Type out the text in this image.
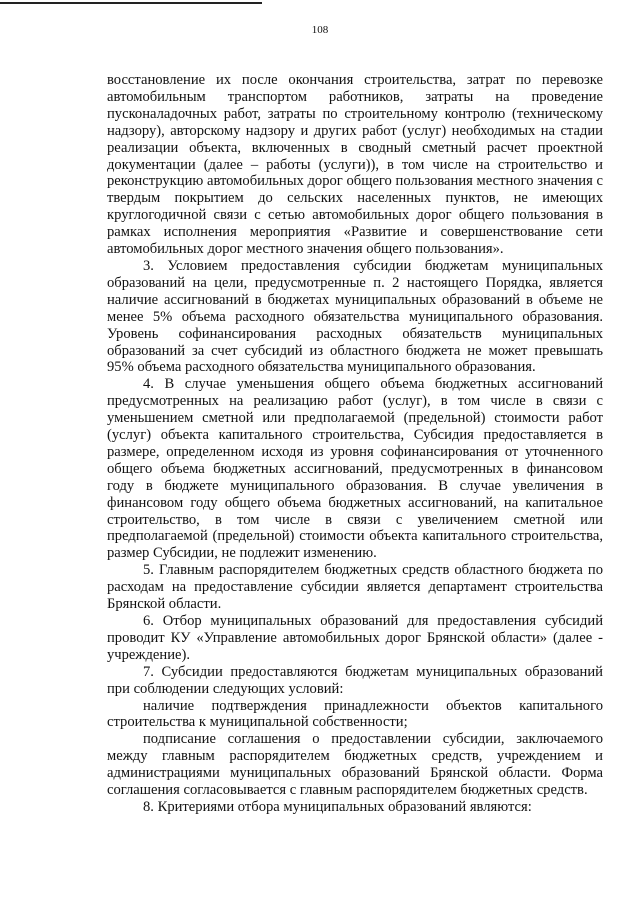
108

восстановление их после окончания строительства, затрат по перевозке автомобильным транспортом работников, затраты на проведение пусконаладочных работ, затраты по строительному контролю (техническому надзору), авторскому надзору и других работ (услуг) необходимых на стадии реализации объекта, включенных в сводный сметный расчет проектной документации (далее – работы (услуги)), в том числе на строительство и реконструкцию автомобильных дорог общего пользования местного значения с твердым покрытием до сельских населенных пунктов, не имеющих круглогодичной связи с сетью автомобильных дорог общего пользования в рамках исполнения мероприятия «Развитие и совершенствование сети автомобильных дорог местного значения общего пользования».

3. Условием предоставления субсидии бюджетам муниципальных образований на цели, предусмотренные п. 2 настоящего Порядка, является наличие ассигнований в бюджетах муниципальных образований в объеме не менее 5% объема расходного обязательства муниципального образования. Уровень софинансирования расходных обязательств муниципальных образований за счет субсидий из областного бюджета не может превышать 95% объема расходного обязательства муниципального образования.

4. В случае уменьшения общего объема бюджетных ассигнований предусмотренных на реализацию работ (услуг), в том числе в связи с уменьшением сметной или предполагаемой (предельной) стоимости работ (услуг) объекта капитального строительства, Субсидия предоставляется в размере, определенном исходя из уровня софинансирования от уточненного общего объема бюджетных ассигнований, предусмотренных в финансовом году в бюджете муниципального образования. В случае увеличения в финансовом году общего объема бюджетных ассигнований, на капитальное строительство, в том числе в связи с увеличением сметной или предполагаемой (предельной) стоимости объекта капитального строительства, размер Субсидии, не подлежит изменению.

5. Главным распорядителем бюджетных средств областного бюджета по расходам на предоставление субсидии является департамент строительства Брянской области.

6. Отбор муниципальных образований для предоставления субсидий проводит КУ «Управление автомобильных дорог Брянской области» (далее - учреждение).

7. Субсидии предоставляются бюджетам муниципальных образований при соблюдении следующих условий:

наличие подтверждения принадлежности объектов капитального строительства к муниципальной собственности;

подписание соглашения о предоставлении субсидии, заключаемого между главным распорядителем бюджетных средств, учреждением и администрациями муниципальных образований Брянской области. Форма соглашения согласовывается с главным распорядителем бюджетных средств.

8. Критериями отбора муниципальных образований являются:
